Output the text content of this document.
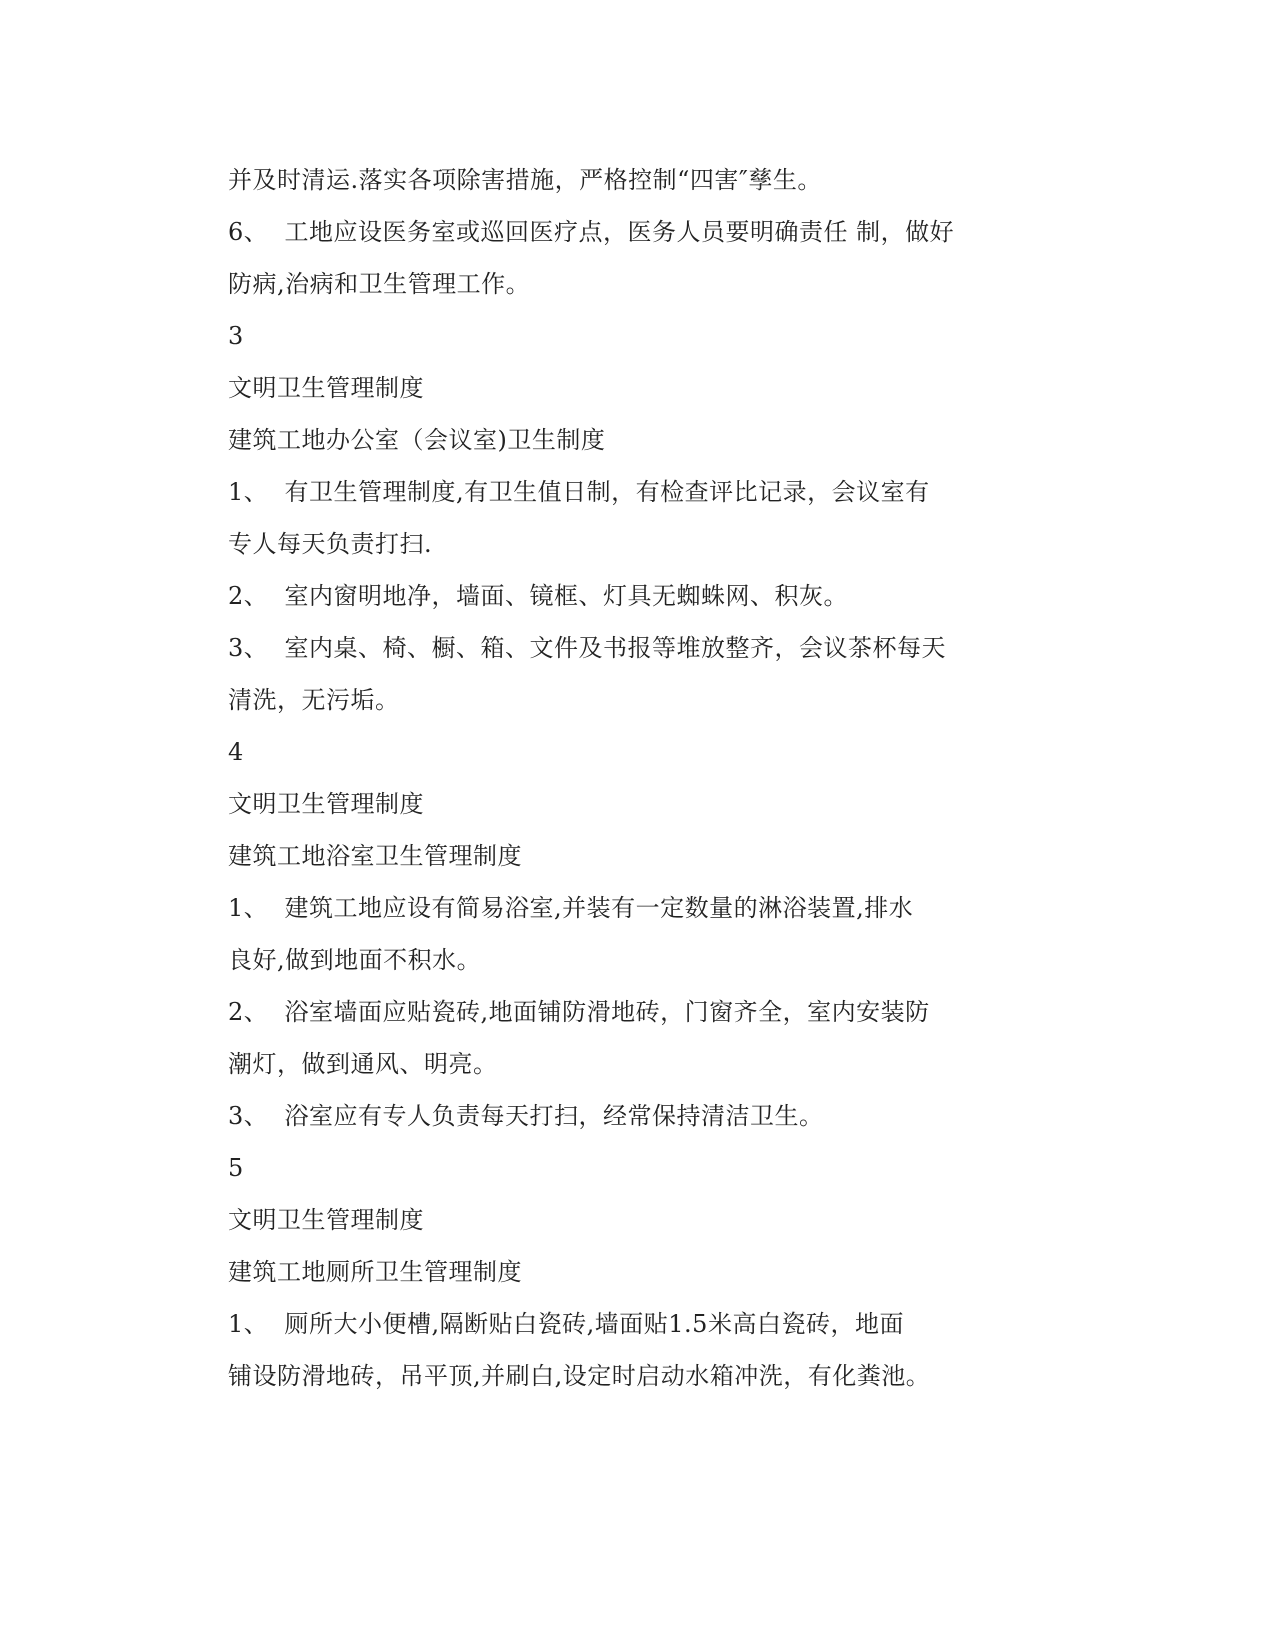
并及时清运.落实各项除害措施，严格控制“四害″孳生。
6、  工地应设医务室或巡回医疗点，医务人员要明确责任 制，做好
防病,治病和卫生管理工作。
3
文明卫生管理制度
建筑工地办公室（会议室)卫生制度
1、  有卫生管理制度,有卫生值日制，有检查评比记录，会议室有
专人每天负责打扫.
2、  室内窗明地净，墙面、镜框、灯具无蜘蛛网、积灰。
3、  室内桌、椅、橱、箱、文件及书报等堆放整齐，会议茶杯每天
清洗，无污垢。
4
文明卫生管理制度
建筑工地浴室卫生管理制度
1、  建筑工地应设有简易浴室,并装有一定数量的淋浴装置,排水
良好,做到地面不积水。
2、  浴室墙面应贴瓷砖,地面铺防滑地砖，门窗齐全，室内安装防
潮灯，做到通风、明亮。
3、  浴室应有专人负责每天打扫，经常保持清洁卫生。
5
文明卫生管理制度
建筑工地厕所卫生管理制度
1、  厕所大小便槽,隔断贴白瓷砖,墙面贴1.5米高白瓷砖，地面
铺设防滑地砖，吊平顶,并刷白,设定时启动水箱冲洗，有化粪池。
